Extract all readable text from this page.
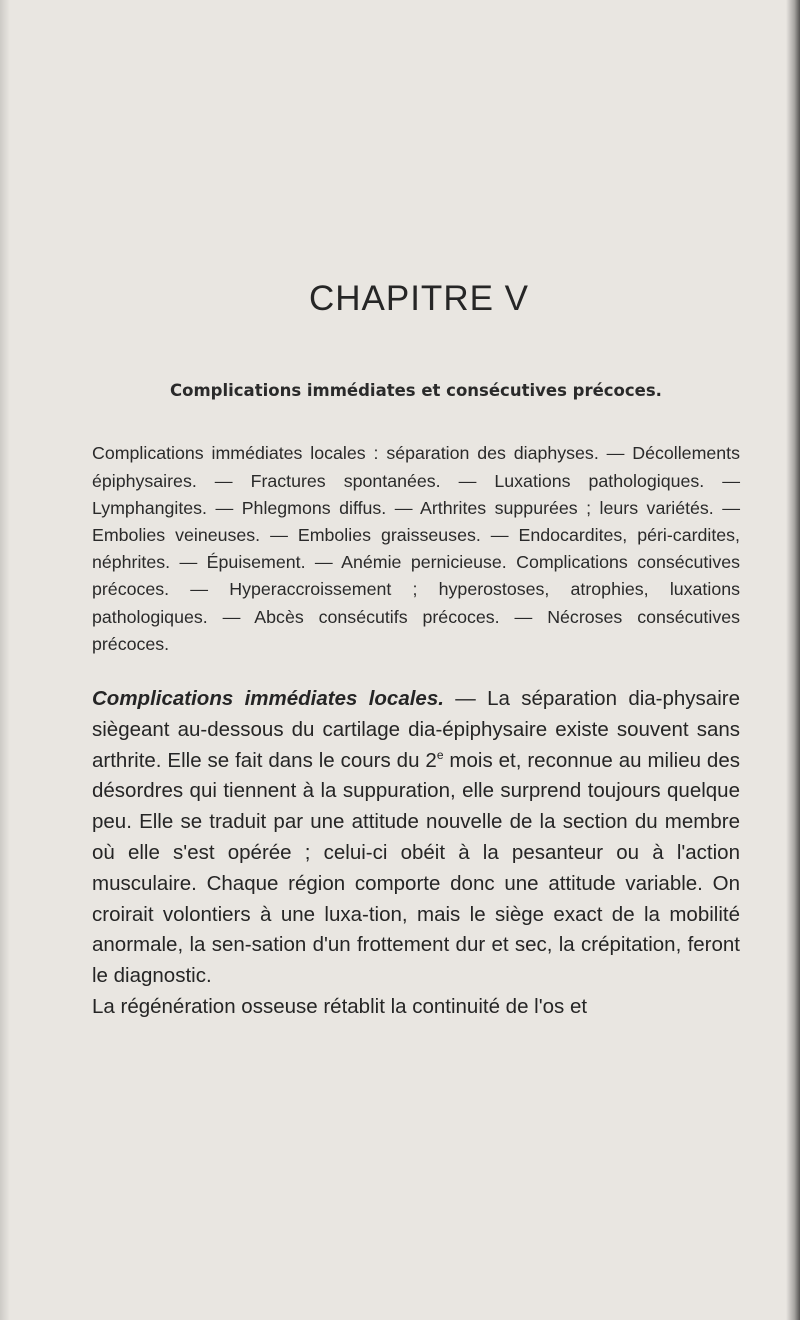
CHAPITRE V
Complications immédiates et consécutives précoces.

Complications immédiates locales : séparation des diaphyses. — Décollements épiphysaires. — Fractures spontanées. — Luxations pathologiques. — Lymphangites. — Phlegmons diffus. — Arthrites suppurées ; leurs variétés. — Embolies veineuses. — Embolies graisseuses. — Endocardites, péri-cardites, néphrites. — Épuisement. — Anémie pernicieuse. Complications consécutives précoces. — Hyperaccroissement ; hyperostoses, atrophies, luxations pathologiques. — Abcès consécutifs précoces. — Nécroses consécutives précoces.

Complications immédiates locales. — La séparation dia-physaire siègeant au-dessous du cartilage dia-épiphysaire existe souvent sans arthrite. Elle se fait dans le cours du 2e mois et, reconnue au milieu des désordres qui tiennent à la suppuration, elle surprend toujours quelque peu. Elle se traduit par une attitude nouvelle de la section du membre où elle s'est opérée ; celui-ci obéit à la pesanteur ou à l'action musculaire. Chaque région comporte donc une attitude variable. On croirait volontiers à une luxa-tion, mais le siège exact de la mobilité anormale, la sen-sation d'un frottement dur et sec, la crépitation, feront le diagnostic.

La régénération osseuse rétablit la continuité de l'os et
